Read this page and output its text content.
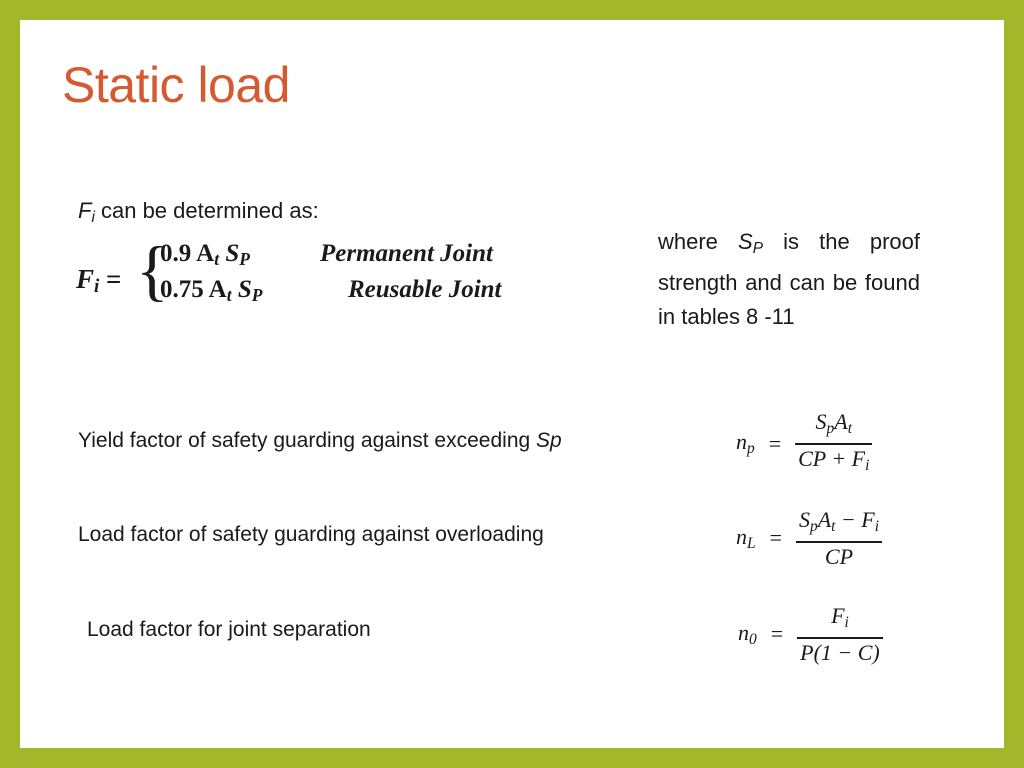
Static load
$F_i$ can be determined as:
$F_i$ = {
0.9 $A_t$ $S_P$	Permanent Joint
0.75 $A_t$ $S_P$	Reusable Joint
where $S_P$ is the proof strength and can be found in tables 8 -11
Yield factor of safety guarding against exceeding Sp	$n_p = \frac{S_pA_t}{CP + F_i}$
Load factor of safety guarding against overloading	$n_L = \frac{S_pA_t - F_i}{CP}$
Load factor for joint separation	$n_0 = \frac{F_i}{P(1 - C)}$
